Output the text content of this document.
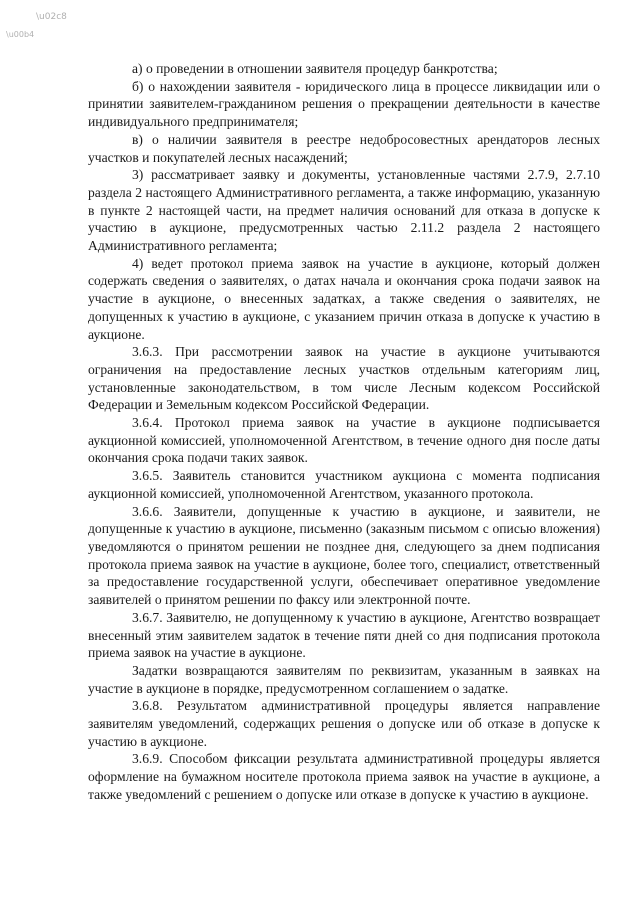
\u02c8
\u00b4

а) о проведении в отношении заявителя процедур банкротства;

б) о нахождении заявителя - юридического лица в процессе ликвидации или о принятии заявителем-гражданином решения о прекращении деятельности в качестве индивидуального предпринимателя;

в) о наличии заявителя в реестре недобросовестных арендаторов лесных участков и покупателей лесных насаждений;

3) рассматривает заявку и документы, установленные частями 2.7.9, 2.7.10 раздела 2 настоящего Административного регламента, а также информацию, указанную в пункте 2 настоящей части, на предмет наличия оснований для отказа в допуске к участию в аукционе, предусмотренных частью 2.11.2 раздела 2 настоящего Административного регламента;

4) ведет протокол приема заявок на участие в аукционе, который должен содержать сведения о заявителях, о датах начала и окончания срока подачи заявок на участие в аукционе, о внесенных задатках, а также сведения о заявителях, не допущенных к участию в аукционе, с указанием причин отказа в допуске к участию в аукционе.

3.6.3. При рассмотрении заявок на участие в аукционе учитываются ограничения на предоставление лесных участков отдельным категориям лиц, установленные законодательством, в том числе Лесным кодексом Российской Федерации и Земельным кодексом Российской Федерации.

3.6.4. Протокол приема заявок на участие в аукционе подписывается аукционной комиссией, уполномоченной Агентством, в течение одного дня после даты окончания срока подачи таких заявок.

3.6.5. Заявитель становится участником аукциона с момента подписания аукционной комиссией, уполномоченной Агентством, указанного протокола.

3.6.6. Заявители, допущенные к участию в аукционе, и заявители, не допущенные к участию в аукционе, письменно (заказным письмом с описью вложения) уведомляются о принятом решении не позднее дня, следующего за днем подписания протокола приема заявок на участие в аукционе, более того, специалист, ответственный за предоставление государственной услуги, обеспечивает оперативное уведомление заявителей о принятом решении по факсу или электронной почте.

3.6.7. Заявителю, не допущенному к участию в аукционе, Агентство возвращает внесенный этим заявителем задаток в течение пяти дней со дня подписания протокола приема заявок на участие в аукционе.

Задатки возвращаются заявителям по реквизитам, указанным в заявках на участие в аукционе в порядке, предусмотренном соглашением о задатке.

3.6.8. Результатом административной процедуры является направление заявителям уведомлений, содержащих решения о допуске или об отказе в допуске к участию в аукционе.

3.6.9. Способом фиксации результата административной процедуры является оформление на бумажном носителе протокола приема заявок на участие в аукционе, а также уведомлений с решением о допуске или отказе в допуске к участию в аукционе.
